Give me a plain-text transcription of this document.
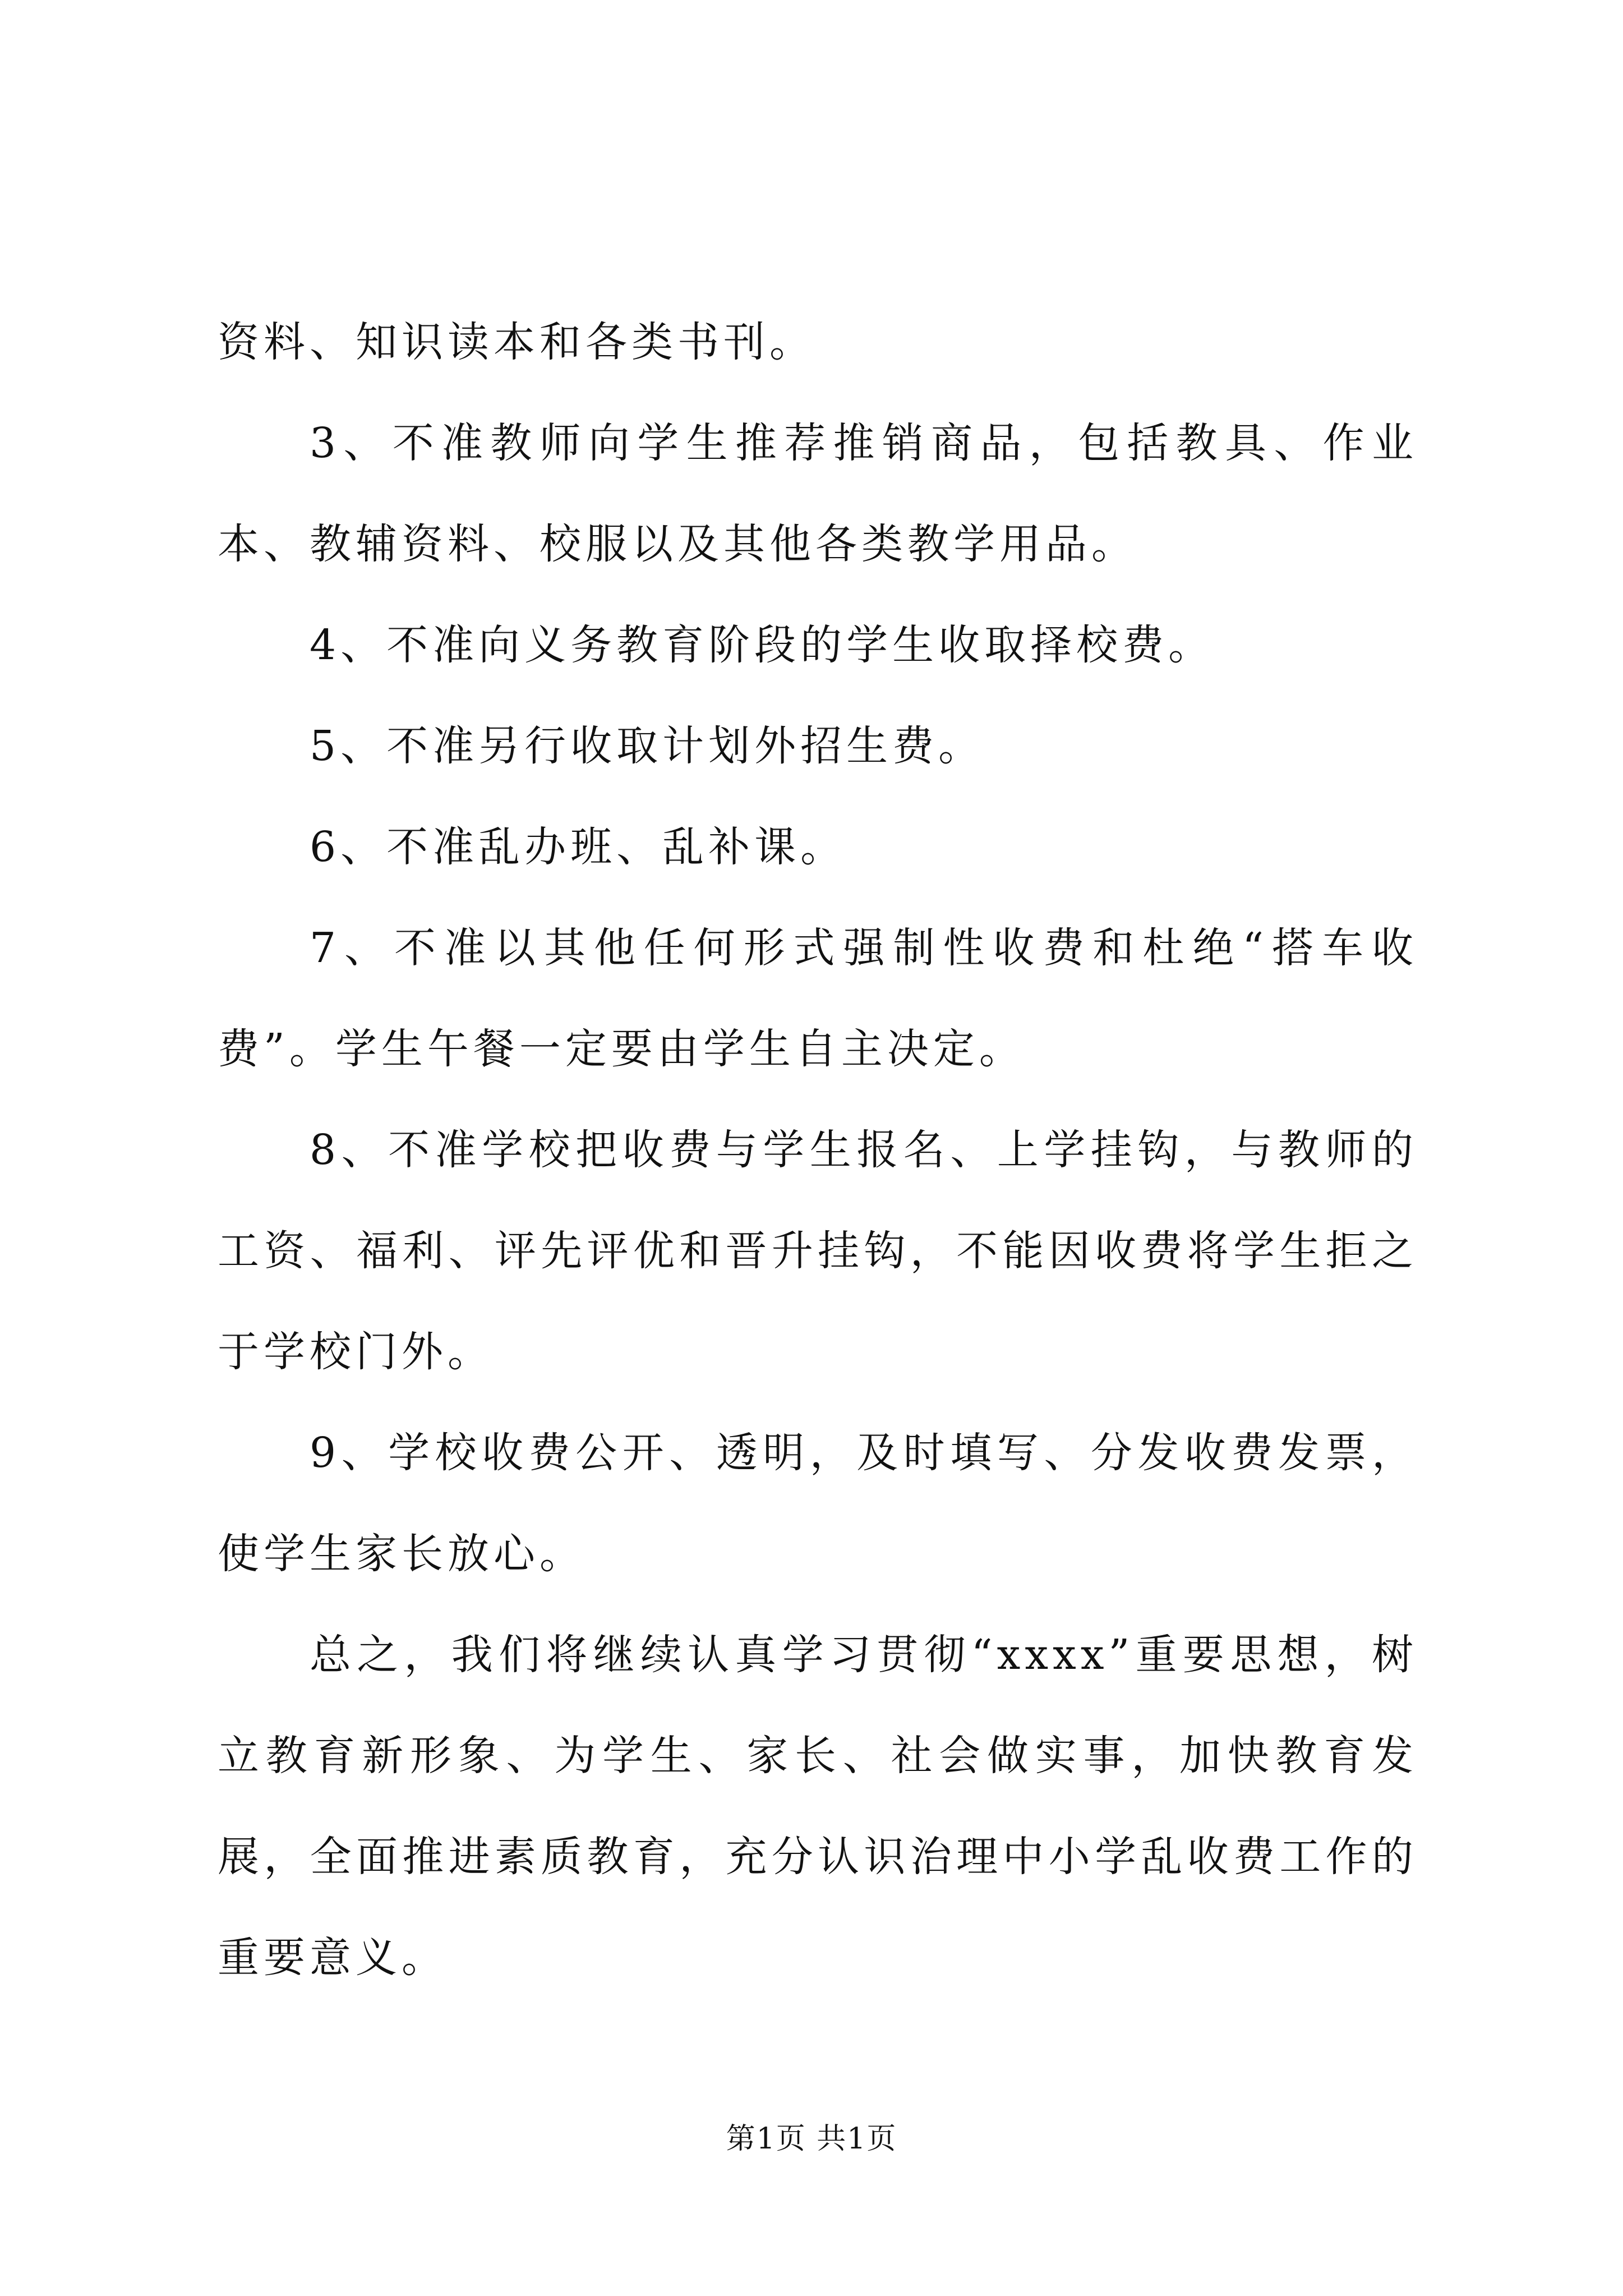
资料、知识读本和各类书刊。

3、不准教师向学生推荐推销商品，包括教具、作业本、教辅资料、校服以及其他各类教学用品。

4、不准向义务教育阶段的学生收取择校费。

5、不准另行收取计划外招生费。

6、不准乱办班、乱补课。

7、不准以其他任何形式强制性收费和杜绝“搭车收费”。学生午餐一定要由学生自主决定。

8、不准学校把收费与学生报名、上学挂钩，与教师的工资、福利、评先评优和晋升挂钩，不能因收费将学生拒之于学校门外。

9、学校收费公开、透明，及时填写、分发收费发票，使学生家长放心。

总之，我们将继续认真学习贯彻“xxxx”重要思想，树立教育新形象、为学生、家长、社会做实事，加快教育发展，全面推进素质教育，充分认识治理中小学乱收费工作的重要意义。

第1页 共1页
